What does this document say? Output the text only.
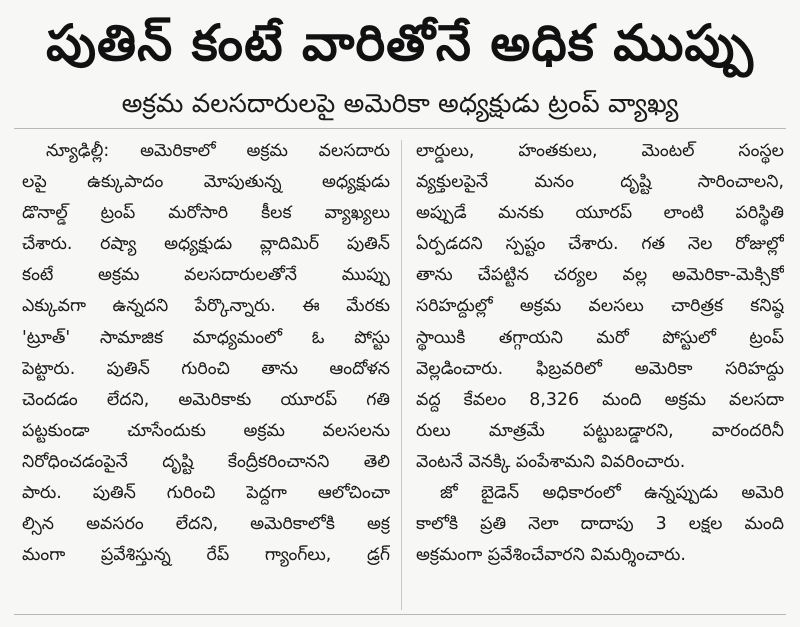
పుతిన్ కంటే వారితోనే అధిక ముప్పు
అక్రమ వలసదారులపై అమెరికా అధ్యక్షుడు ట్రంప్ వ్యాఖ్య
న్యూఢిల్లీ: అమెరికాలో అక్రమ వలసదారు
లపై ఉక్కుపాదం మోపుతున్న అధ్యక్షుడు
డొనాల్డ్ ట్రంప్ మరోసారి కీలక వ్యాఖ్యలు
చేశారు. రష్యా అధ్యక్షుడు వ్లాదిమిర్ పుతిన్
కంటే అక్రమ వలసదారులతోనే ముప్పు
ఎక్కువగా ఉన్నదని పేర్కొన్నారు. ఈ మేరకు
'ట్రూత్' సామాజిక మాధ్యమంలో ఓ పోస్టు
పెట్టారు. పుతిన్ గురించి తాను ఆందోళన
చెందడం లేదని, అమెరికాకు యూరప్ గతి
పట్టకుండా చూసేందుకు అక్రమ వలసలను
నిరోధించడంపైనే దృష్టి కేంద్రీకరించానని తెలి
పారు. పుతిన్ గురించి పెద్దగా ఆలోచించా
ల్సిన అవసరం లేదని, అమెరికాలోకి అక్ర
మంగా ప్రవేశిస్తున్న రేప్ గ్యాంగ్‌లు, డ్రగ్
లార్డులు, హంతకులు, మెంటల్ సంస్థల
వ్యక్తులపైనే మనం దృష్టి సారించాలని,
అప్పుడే మనకు యూరప్ లాంటి పరిస్థితి
ఏర్పడదని స్పష్టం చేశారు. గత నెల రోజుల్లో
తాను చేపట్టిన చర్యల వల్ల అమెరికా-మెక్సికో
సరిహద్దుల్లో అక్రమ వలసలు చారిత్రక కనిష్ఠ
స్థాయికి తగ్గాయని మరో పోస్టులో ట్రంప్
వెల్లడించారు. ఫిబ్రవరిలో అమెరికా సరిహద్దు
వద్ద కేవలం 8,326 మంది అక్రమ వలసదా
రులు మాత్రమే పట్టుబడ్డారని, వారందరినీ
వెంటనే వెనక్కి పంపేశామని వివరించారు.
జో బైడెన్ అధికారంలో ఉన్నప్పుడు అమెరి
కాలోకి ప్రతి నెలా దాదాపు 3 లక్షల మంది
అక్రమంగా ప్రవేశించేవారని విమర్శించారు.
